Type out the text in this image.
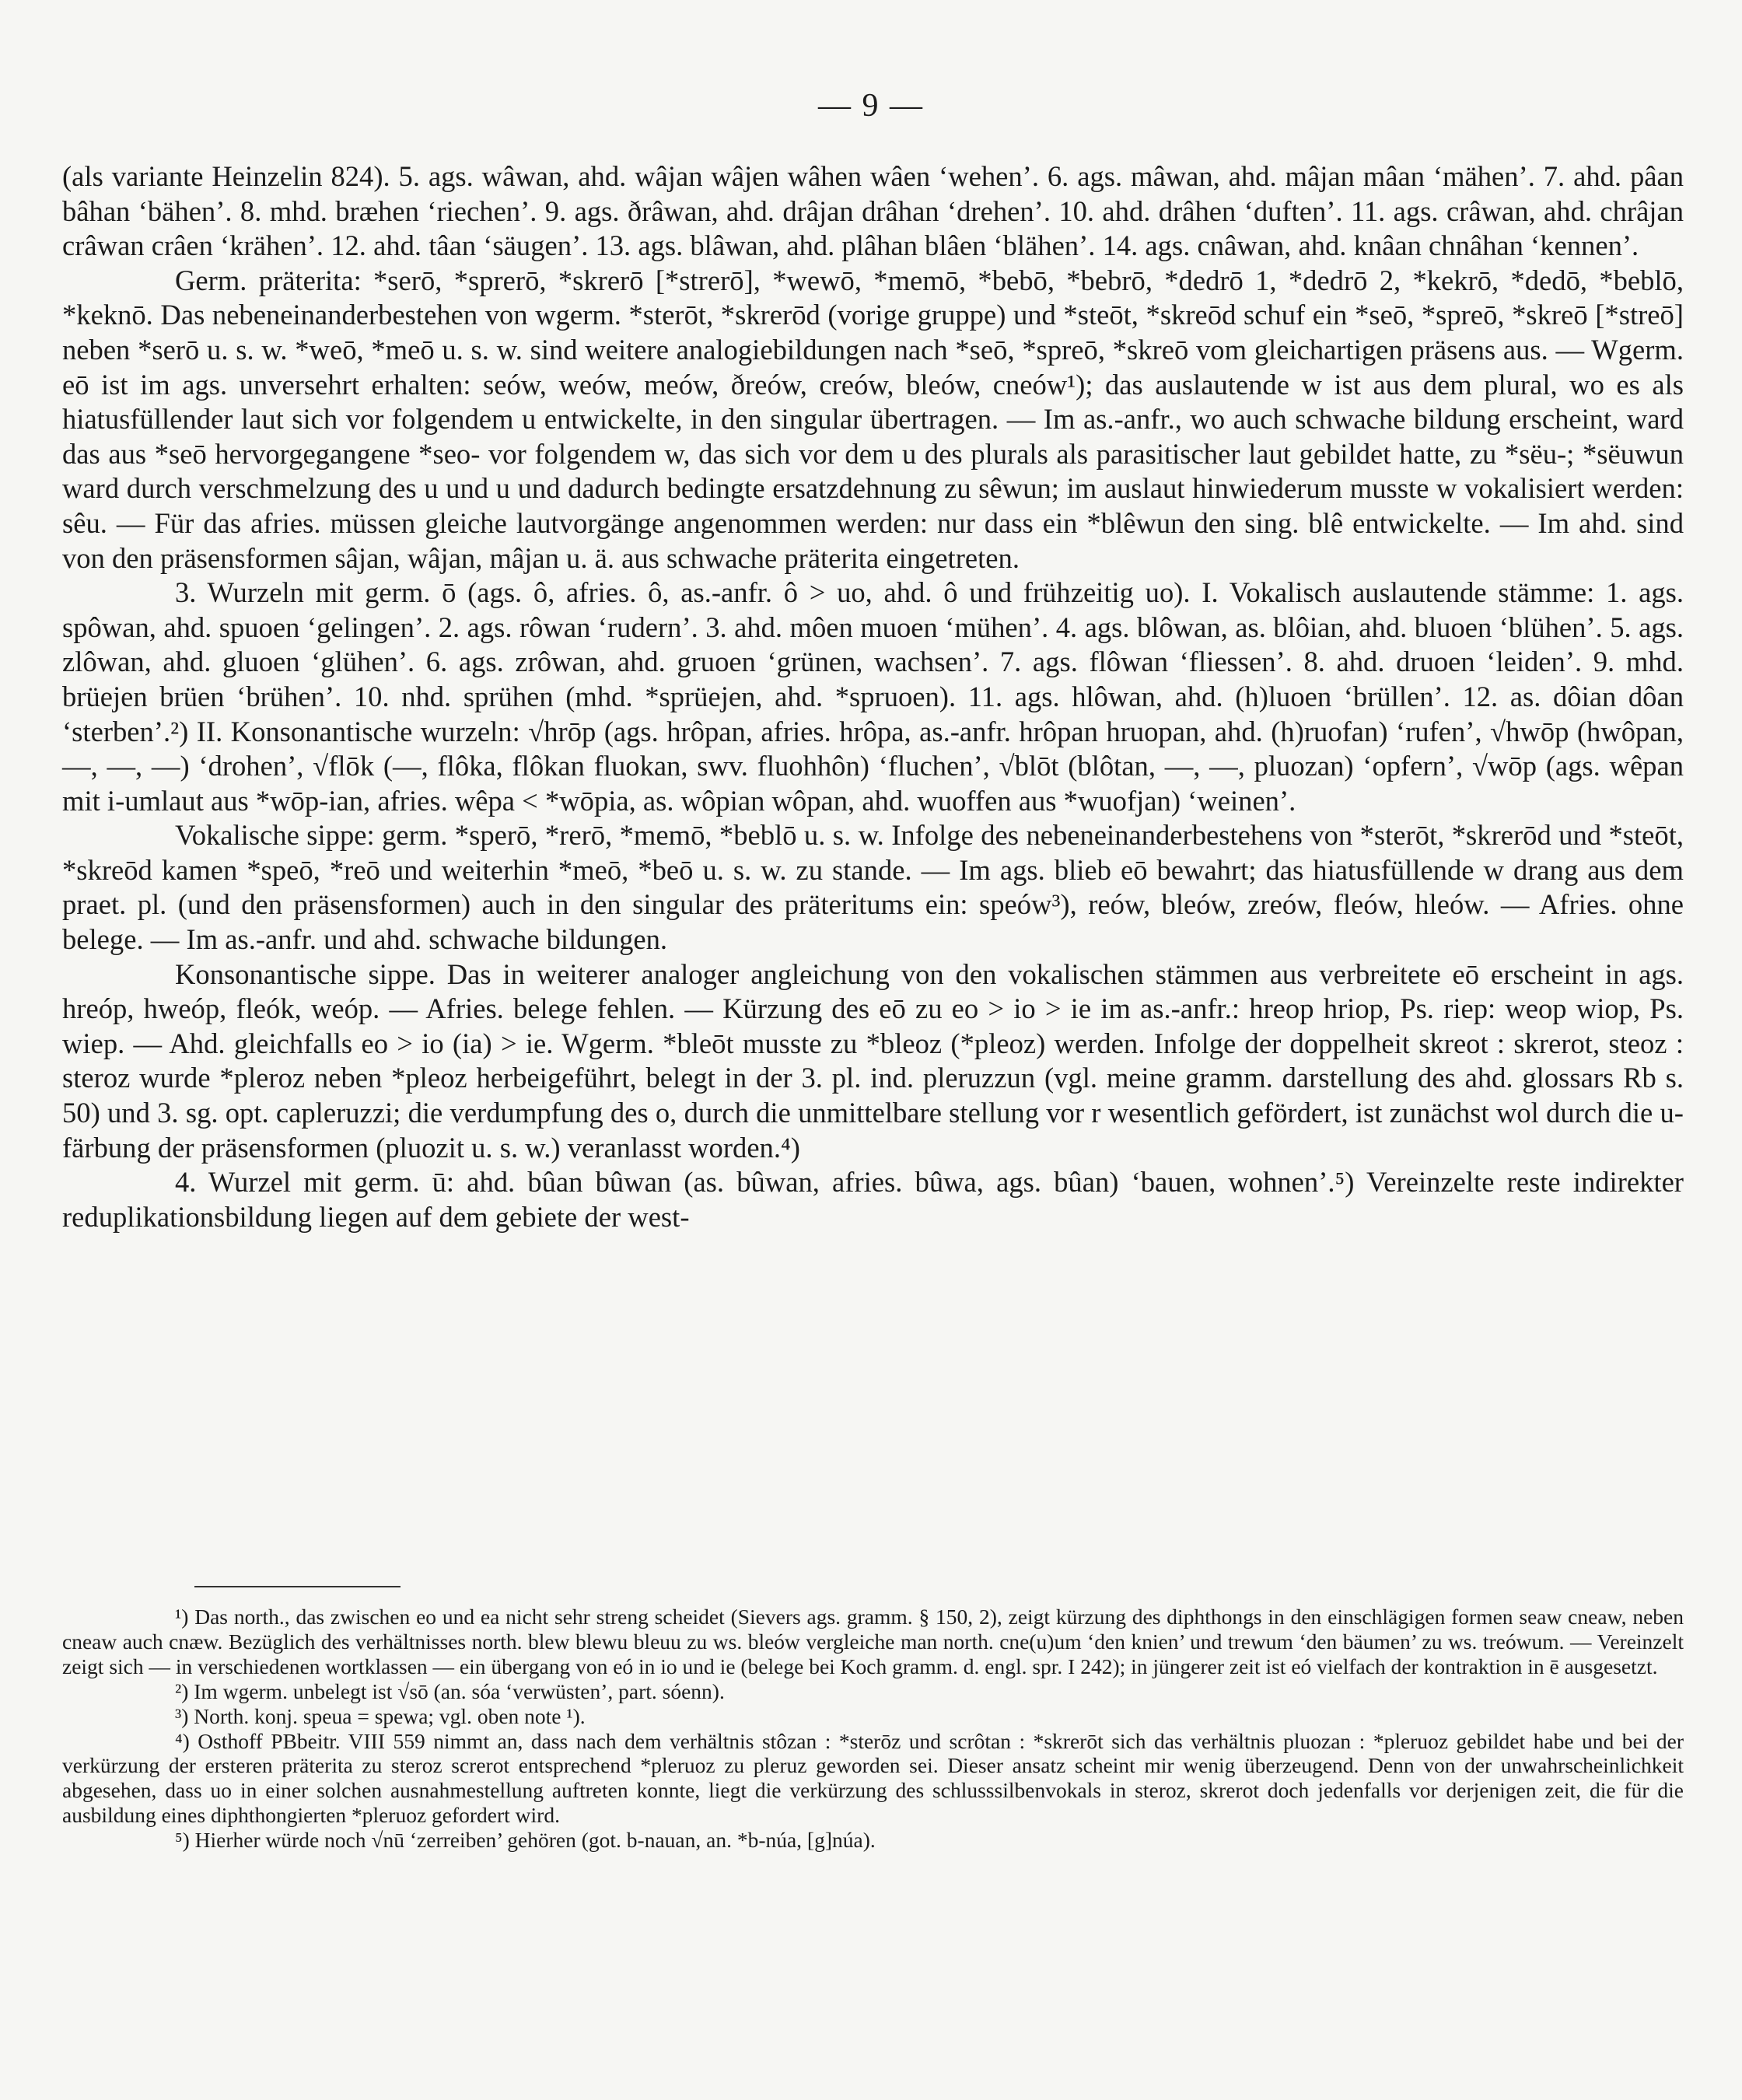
— 9 —

(als variante Heinzelin 824). 5. ags. wâwan, ahd. wâjan wâjen wâhen wâen ‘wehen’. 6. ags. mâwan, ahd. mâjan mâan ‘mähen’. 7. ahd. pâan bâhan ‘bähen’. 8. mhd. bræhen ‘riechen’. 9. ags. ðrâwan, ahd. drâjan drâhan ‘drehen’. 10. ahd. drâhen ‘duften’. 11. ags. crâwan, ahd. chrâjan crâwan crâen ‘krähen’. 12. ahd. tâan ‘säugen’. 13. ags. blâwan, ahd. plâhan blâen ‘blähen’. 14. ags. cnâwan, ahd. knâan chnâhan ‘kennen’.

Germ. präterita: *serō, *sprerō, *skrerō [*strerō], *wewō, *memō, *bebō, *bebrō, *dedrō 1, *dedrō 2, *kekrō, *dedō, *beblō, *keknō. Das nebeneinanderbestehen von wgerm. *sterōt, *skrerōd (vorige gruppe) und *steōt, *skreōd schuf ein *seō, *spreō, *skreō [*streō] neben *serō u. s. w. *weō, *meō u. s. w. sind weitere analogiebildungen nach *seō, *spreō, *skreō vom gleichartigen präsens aus. — Wgerm. eō ist im ags. unversehrt erhalten: seów, weów, meów, ðreów, creów, bleów, cneów¹); das auslautende w ist aus dem plural, wo es als hiatusfüllender laut sich vor folgendem u entwickelte, in den singular übertragen. — Im as.-anfr., wo auch schwache bildung erscheint, ward das aus *seō hervorgegangene *seo- vor folgendem w, das sich vor dem u des plurals als parasitischer laut gebildet hatte, zu *sëu-; *sëuwun ward durch verschmelzung des u und u und dadurch bedingte ersatzdehnung zu sêwun; im auslaut hinwiederum musste w vokalisiert werden: sêu. — Für das afries. müssen gleiche lautvorgänge angenommen werden: nur dass ein *blêwun den sing. blê entwickelte. — Im ahd. sind von den präsensformen sâjan, wâjan, mâjan u. ä. aus schwache präterita eingetreten.

3. Wurzeln mit germ. ō (ags. ô, afries. ô, as.-anfr. ô > uo, ahd. ô und frühzeitig uo). I. Vokalisch auslautende stämme: 1. ags. spôwan, ahd. spuoen ‘gelingen’. 2. ags. rôwan ‘rudern’. 3. ahd. môen muoen ‘mühen’. 4. ags. blôwan, as. blôian, ahd. bluoen ‘blühen’. 5. ags. zlôwan, ahd. gluoen ‘glühen’. 6. ags. zrôwan, ahd. gruoen ‘grünen, wachsen’. 7. ags. flôwan ‘fliessen’. 8. ahd. druoen ‘leiden’. 9. mhd. brüejen brüen ‘brühen’. 10. nhd. sprühen (mhd. *sprüejen, ahd. *spruoen). 11. ags. hlôwan, ahd. (h)luoen ‘brüllen’. 12. as. dôian dôan ‘sterben’.²) II. Konsonantische wurzeln: √hrōp (ags. hrôpan, afries. hrôpa, as.-anfr. hrôpan hruopan, ahd. (h)ruofan) ‘rufen’, √hwōp (hwôpan, —, —, —) ‘drohen’, √flōk (—, flôka, flôkan fluokan, swv. fluohhôn) ‘fluchen’, √blōt (blôtan, —, —, pluozan) ‘opfern’, √wōp (ags. wêpan mit i-umlaut aus *wōp-ian, afries. wêpa < *wōpia, as. wôpian wôpan, ahd. wuoffen aus *wuofjan) ‘weinen’.

Vokalische sippe: germ. *sperō, *rerō, *memō, *beblō u. s. w. Infolge des nebeneinanderbestehens von *sterōt, *skrerōd und *steōt, *skreōd kamen *speō, *reō und weiterhin *meō, *beō u. s. w. zu stande. — Im ags. blieb eō bewahrt; das hiatusfüllende w drang aus dem praet. pl. (und den präsensformen) auch in den singular des präteritums ein: speów³), reów, bleów, zreów, fleów, hleów. — Afries. ohne belege. — Im as.-anfr. und ahd. schwache bildungen.

Konsonantische sippe. Das in weiterer analoger angleichung von den vokalischen stämmen aus verbreitete eō erscheint in ags. hreóp, hweóp, fleók, weóp. — Afries. belege fehlen. — Kürzung des eō zu eo > io > ie im as.-anfr.: hreop hriop, Ps. riep: weop wiop, Ps. wiep. — Ahd. gleichfalls eo > io (ia) > ie. Wgerm. *bleōt musste zu *bleoz (*pleoz) werden. Infolge der doppelheit skreot : skrerot, steoz : steroz wurde *pleroz neben *pleoz herbeigeführt, belegt in der 3. pl. ind. pleruzzun (vgl. meine gramm. darstellung des ahd. glossars Rb s. 50) und 3. sg. opt. capleruzzi; die verdumpfung des o, durch die unmittelbare stellung vor r wesentlich gefördert, ist zunächst wol durch die u-färbung der präsensformen (pluozit u. s. w.) veranlasst worden.⁴)

4. Wurzel mit germ. ū: ahd. bûan bûwan (as. bûwan, afries. bûwa, ags. bûan) ‘bauen, wohnen’.⁵) Vereinzelte reste indirekter reduplikationsbildung liegen auf dem gebiete der west-

¹) Das north., das zwischen eo und ea nicht sehr streng scheidet (Sievers ags. gramm. § 150, 2), zeigt kürzung des diphthongs in den einschlägigen formen seaw cneaw, neben cneaw auch cnæw. Bezüglich des verhältnisses north. blew blewu bleuu zu ws. bleów vergleiche man north. cne(u)um ‘den knien’ und trewum ‘den bäumen’ zu ws. treówum. — Vereinzelt zeigt sich — in verschiedenen wortklassen — ein übergang von eó in io und ie (belege bei Koch gramm. d. engl. spr. I 242); in jüngerer zeit ist eó vielfach der kontraktion in ē ausgesetzt.

²) Im wgerm. unbelegt ist √sō (an. sóa ‘verwüsten’, part. sóenn).

³) North. konj. speua = spewa; vgl. oben note ¹).

⁴) Osthoff PBbeitr. VIII 559 nimmt an, dass nach dem verhältnis stôzan : *sterōz und scrôtan : *skrerōt sich das verhältnis pluozan : *pleruoz gebildet habe und bei der verkürzung der ersteren präterita zu steroz screrot entsprechend *pleruoz zu pleruz geworden sei. Dieser ansatz scheint mir wenig überzeugend. Denn von der unwahrscheinlichkeit abgesehen, dass uo in einer solchen ausnahmestellung auftreten konnte, liegt die verkürzung des schlusssilbenvokals in steroz, skrerot doch jedenfalls vor derjenigen zeit, die für die ausbildung eines diphthongierten *pleruoz gefordert wird.

⁵) Hierher würde noch √nū ‘zerreiben’ gehören (got. b-nauan, an. *b-núa, [g]núa).
